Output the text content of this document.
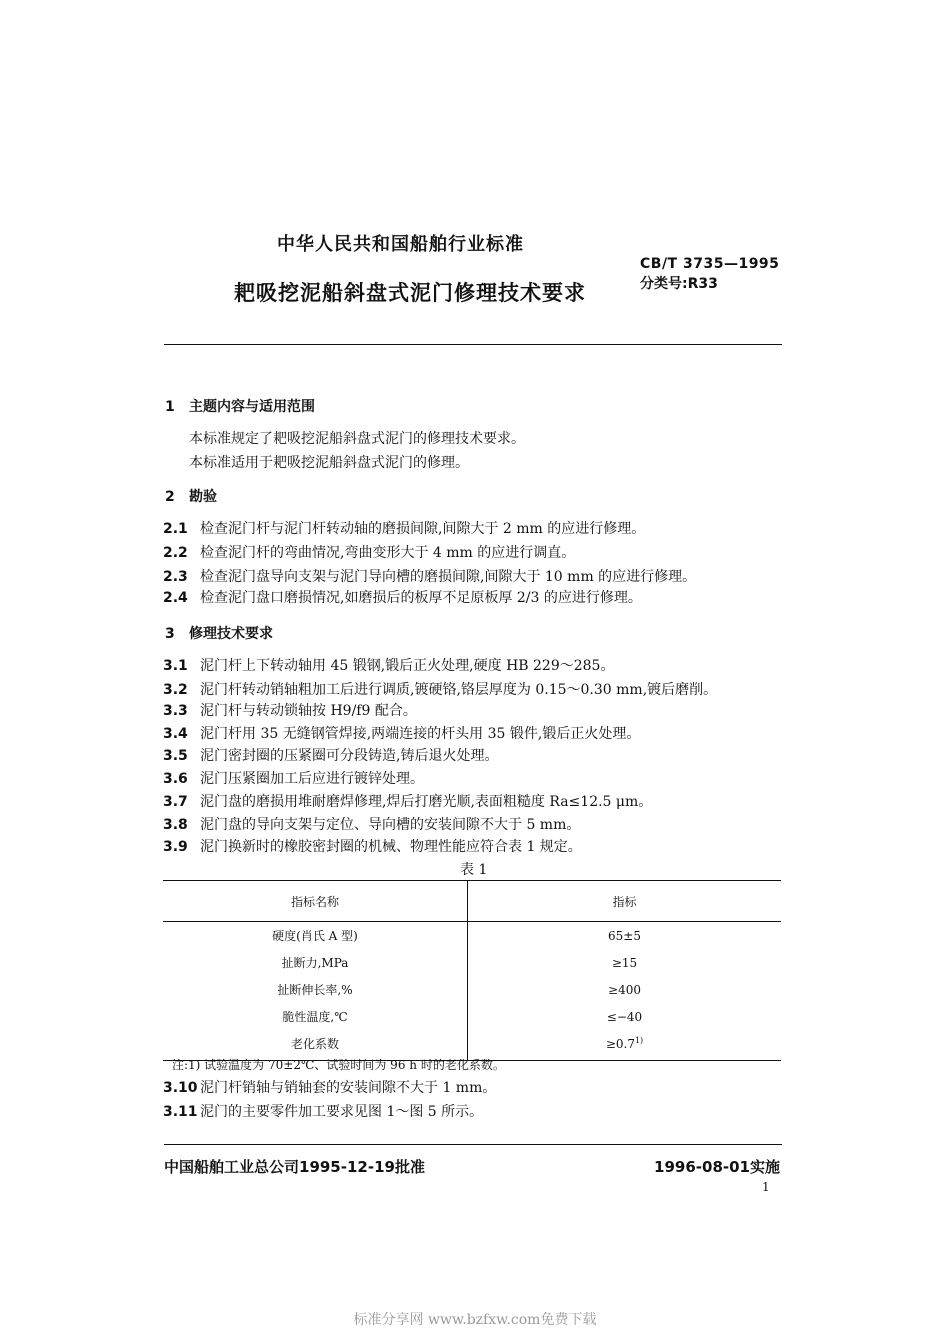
中华人民共和国船舶行业标准
耙吸挖泥船斜盘式泥门修理技术要求
CB/T 3735—1995
分类号:R33
1 主题内容与适用范围
本标准规定了耙吸挖泥船斜盘式泥门的修理技术要求。
本标准适用于耙吸挖泥船斜盘式泥门的修理。
2 勘验
2.1 检查泥门杆与泥门杆转动轴的磨损间隙,间隙大于 2 mm 的应进行修理。
2.2 检查泥门杆的弯曲情况,弯曲变形大于 4 mm 的应进行调直。
2.3 检查泥门盘导向支架与泥门导向槽的磨损间隙,间隙大于 10 mm 的应进行修理。
2.4 检查泥门盘口磨损情况,如磨损后的板厚不足原板厚 2/3 的应进行修理。
3 修理技术要求
3.1 泥门杆上下转动轴用 45 锻钢,锻后正火处理,硬度 HB 229～285。
3.2 泥门杆转动销轴粗加工后进行调质,镀硬铬,铬层厚度为 0.15～0.30 mm,镀后磨削。
3.3 泥门杆与转动锁轴按 H9/f9 配合。
3.4 泥门杆用 35 无缝钢管焊接,两端连接的杆头用 35 锻件,锻后正火处理。
3.5 泥门密封圈的压紧圈可分段铸造,铸后退火处理。
3.6 泥门压紧圈加工后应进行镀锌处理。
3.7 泥门盘的磨损用堆耐磨焊修理,焊后打磨光顺,表面粗糙度 Ra≤12.5 μm。
3.8 泥门盘的导向支架与定位、导向槽的安装间隙不大于 5 mm。
3.9 泥门换新时的橡胶密封圈的机械、物理性能应符合表 1 规定。
表 1
指标名称	指标
硬度(肖氏 A 型)	65±5
扯断力,MPa	≥15
扯断伸长率,%	≥400
脆性温度,℃	≤−40
老化系数	$\ge 0.7^{1)}$
注:1) 试验温度为 70±2℃、试验时间为 96 h 时的老化系数。
3.10 泥门杆销轴与销轴套的安装间隙不大于 1 mm。
3.11 泥门的主要零件加工要求见图 1～图 5 所示。
中国船舶工业总公司1995-12-19批准	1996-08-01实施
1
标准分享网 www.bzfxw.com免费下载
